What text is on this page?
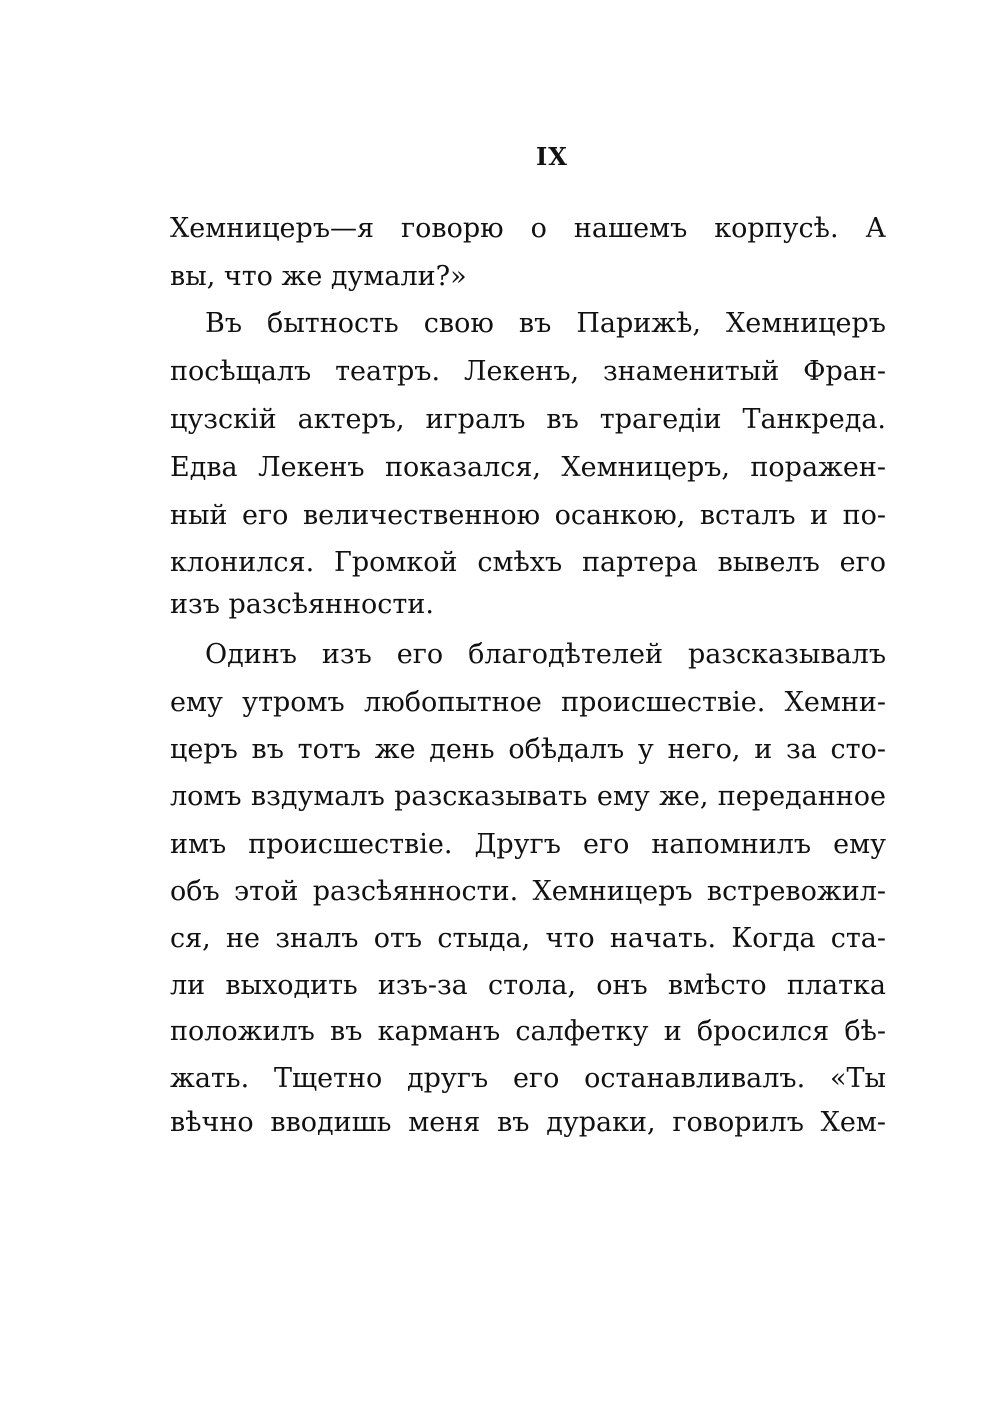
IX
Хемницеръ—я говорю о нашемъ корпусѣ. А
вы, что же думали?»
Въ бытность свою въ Парижѣ, Хемницеръ
посѣщалъ театръ. Лекенъ, знаменитый Фран-
цузскій актеръ, игралъ въ трагедіи Танкреда.
Едва Лекенъ показался, Хемницеръ, поражен-
ный его величественною осанкою, всталъ и по-
клонился. Громкой смѣхъ партера вывелъ его
изъ разсѣянности.
Одинъ изъ его благодѣтелей разсказывалъ
ему утромъ любопытное происшествіе. Хемни-
церъ въ тотъ же день обѣдалъ у него, и за сто-
ломъ вздумалъ разсказывать ему же, переданное
имъ происшествіе. Другъ его напомнилъ ему
объ этой разсѣянности. Хемницеръ встревожил-
ся, не зналъ отъ стыда, что начать. Когда ста-
ли выходить изъ-за стола, онъ вмѣсто платка
положилъ въ карманъ салфетку и бросился бѣ-
жать. Тщетно другъ его останавливалъ. «Ты
вѣчно вводишь меня въ дураки, говорилъ Хем-
